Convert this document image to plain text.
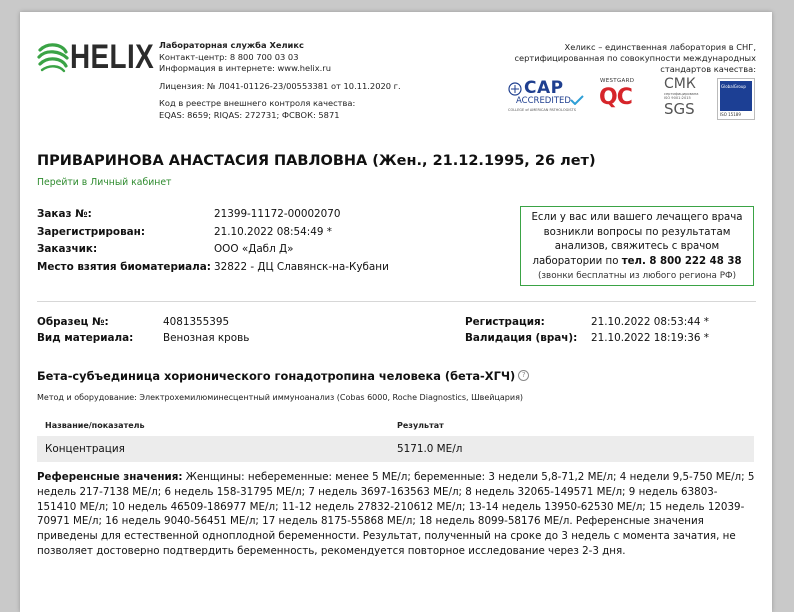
HELIX Лабораторная служба Хеликс
Контакт-центр: 8 800 700 03 03
Информация в интернете: www.helix.ru
Лицензия: № Л041-01126-23/00553381 от 10.11.2020 г.
Код в реестре внешнего контроля качества:
EQAS: 8659; RIQAS: 272731; ФСВОК: 5871
Хеликс – единственная лаборатория в СНГ, сертифицированная по совокупности международных стандартов качества:
CAP
ACCREDITED
COLLEGE of AMERICAN PATHOLOGISTS
WESTGARD
QC
СМК
сертифицирована ISO 9001:2015
SGS
GlobalGroup
ISO 15189
ПРИВАРИНОВА АНАСТАСИЯ ПАВЛОВНА (Жен., 21.12.1995, 26 лет)
Перейти в Личный кабинет
Заказ №:	21399-11172-00002070
Зарегистрирован:	21.10.2022 08:54:49 *
Заказчик:	ООО «Дабл Д»
Место взятия биоматериала: 32822 - ДЦ Славянск-на-Кубани
Если у вас или вашего лечащего врача
возникли вопросы по результатам
анализов, свяжитесь с врачом
лаборатории по тел. 8 800 222 48 38
(звонки бесплатны из любого региона РФ)
Образец №:	4081355395
Вид материала:	Венозная кровь
Регистрация:	21.10.2022 08:53:44 *
Валидация (врач): 21.10.2022 18:19:36 *
Бета-субъединица хорионического гонадотропина человека (бета-ХГЧ) ?
Метод и оборудование: Электрохемилюминесцентный иммуноанализ (Cobas 6000, Roche Diagnostics, Швейцария)
Название/показатель	Результат
Концентрация	5171.0 МЕ/л
Референсные значения: Женщины: небеременные: менее 5 МЕ/л; беременные: 3 недели 5,8-71,2 МЕ/л; 4 недели 9,5-750 МЕ/л; 5 недель 217-7138 МЕ/л; 6 недель 158-31795 МЕ/л; 7 недель 3697-163563 МЕ/л; 8 недель 32065-149571 МЕ/л; 9 недель 63803-151410 МЕ/л; 10 недель 46509-186977 МЕ/л; 11-12 недель 27832-210612 МЕ/л; 13-14 недель 13950-62530 МЕ/л; 15 недель 12039-70971 МЕ/л; 16 недель 9040-56451 МЕ/л; 17 недель 8175-55868 МЕ/л; 18 недель 8099-58176 МЕ/л. Референсные значения приведены для естественной одноплодной беременности. Результат, полученный на сроке до 3 недель с момента зачатия, не позволяет достоверно подтвердить беременность, рекомендуется повторное исследование через 2-3 дня.
